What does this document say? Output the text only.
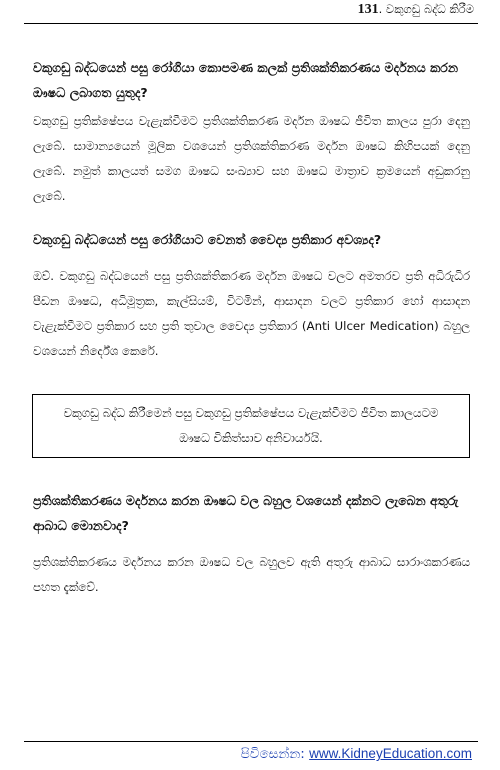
131. වකුගඩු බද්ධ කිරීම

වකුගඩු බද්ධයෙන් පසු රෝගියා කොපමණ කලක් ප්‍රතිශක්තිකරණය මර්දනය කරන ඖෂධ ලබාගත යුතුද?

වකුගඩු ප්‍රතික්ෂේපය වැළැක්වීමට ප්‍රතිශක්තිකරණ මර්දන ඖෂධ ජීවිත කාලය පුරා දෙනු ලැබේ. සාමාන්‍යයෙන් මූලික වශයෙන් ප්‍රතිශක්තිකරණ මර්දන ඖෂධ කිහිපයක් දෙනු ලැබේ. නමුත් කාලයත් සමග ඖෂධ සංඛ්‍යාව සහ ඖෂධ මාත්‍රාව ක්‍රමයෙන් අඩුකරනු ලැබේ.

වකුගඩු බද්ධයෙන් පසු රෝගියාට වෙනත් වෛද්‍ය ප්‍රතිකාර අවශ්‍යද?

ඔව්. වකුගඩු බද්ධයෙන් පසු ප්‍රතිශක්තිකරණ මර්දන ඖෂධ වලට අමතරව ප්‍රති අධිරුධිර පීඩන ඖෂධ, අධිමූත්‍රක, කැල්සියම්, විටමින්, ආසාදන වලට ප්‍රතිකාර හෝ ආසාදන වැළැක්වීමට ප්‍රතිකාර සහ ප්‍රති තුවාල වෛද්‍ය ප්‍රතිකාර (Anti Ulcer Medication) බහුල වශයෙන් නිර්දේශ කෙරේ.

වකුගඩු බද්ධ කිරීමෙන් පසු වකුගඩු ප්‍රතික්ෂේපය වැළැක්වීමට ජීවිත කාලයටම ඖෂධ චිකිත්සාව අනිවාර්යයි.

ප්‍රතිශක්තිකරණය මර්දනය කරන ඖෂධ වල බහුල වශයෙන් දක්නට ලැබෙන අතුරු ආබාධ මොනවාද?

ප්‍රතිශක්තිකරණය මර්දනය කරන ඖෂධ වල බහුලව ඇති අතුරු ආබාධ සාරාංශකරණය පහත දැක්වේ.

පිවිසෙන්න: www.KidneyEducation.com
